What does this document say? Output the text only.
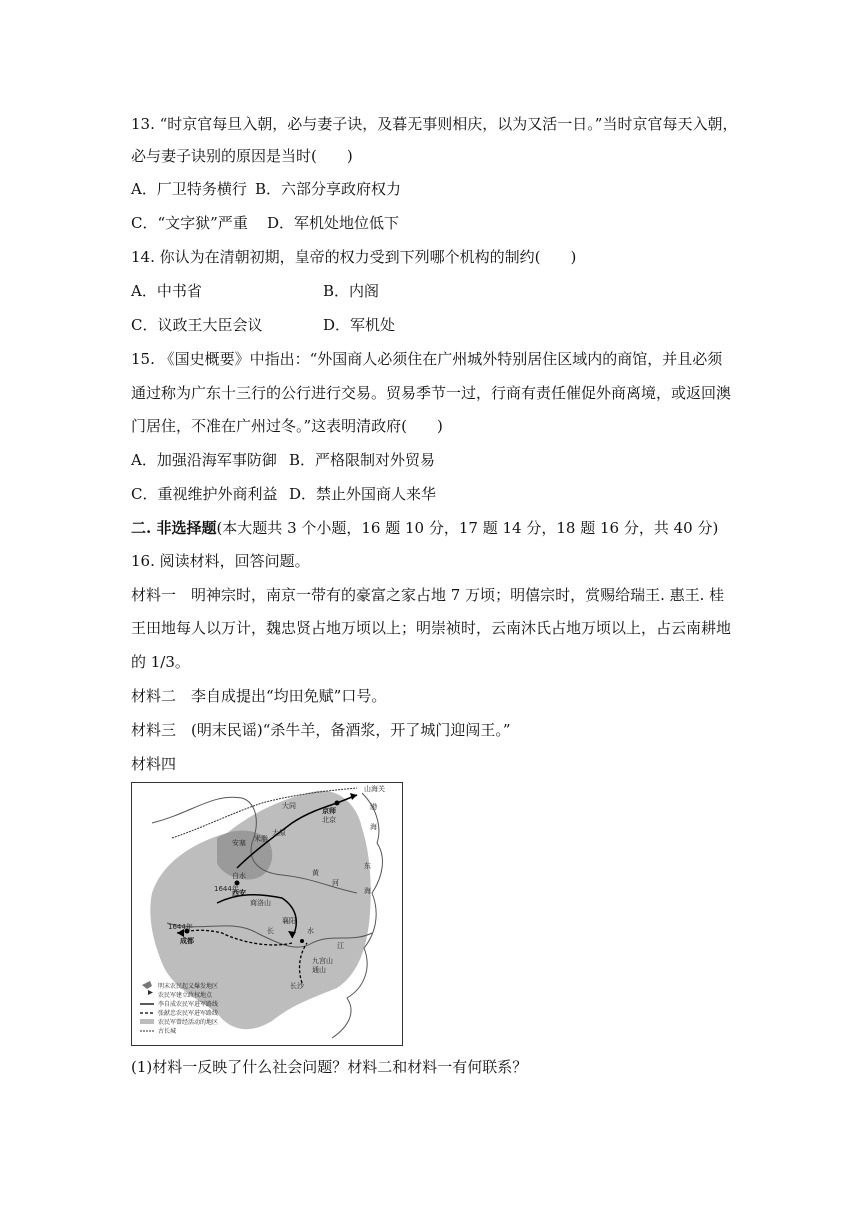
13. “时京官每旦入朝，必与妻子诀，及暮无事则相庆，以为又活一日。”当时京官每天入朝，
必与妻子诀别的原因是当时(　　)
A．厂卫特务横行 B．六部分享政府权力
C．“文字狱”严重 D．军机处地位低下
14. 你认为在清朝初期，皇帝的权力受到下列哪个机构的制约(　　)
A．中书省	B．内阁
C．议政王大臣会议	D．军机处
15. 《国史概要》中指出：“外国商人必须住在广州城外特别居住区域内的商馆，并且必须
通过称为广东十三行的公行进行交易。贸易季节一过，行商有责任催促外商离境，或返回澳
门居住，不准在广州过冬。”这表明清政府(　　)
A．加强沿海军事防御 B．严格限制对外贸易
C．重视维护外商利益 D．禁止外国商人来华
二. 非选择题(本大题共 3 个小题，16 题 10 分，17 题 14 分，18 题 16 分，共 40 分)
16. 阅读材料，回答问题。
材料一　明神宗时，南京一带有的豪富之家占地 7 万顷；明僖宗时，赏赐给瑞王. 惠王. 桂
王田地每人以万计，魏忠贤占地万顷以上；明崇祯时，云南沐氏占地万顷以上，占云南耕地
的 1/3。
材料二　李自成提出“均田免赋”口号。
材料三　(明末民谣)“杀牛羊，备酒浆，开了城门迎闯王。”
材料四
山海关
渤
海
京师
北京
大同
太原
安塞 米脂
白水
西安
商洛山
河
黄
东
海
襄阳
成都
江
九宫山
通山
长沙
1644年
1644年	水
长
明末农民起义爆发地区
农民军建立政权地点
李自成农民军进军路线
张献忠农民军进军路线
农民军曾经活动的地区
古长城
(1)材料一反映了什么社会问题？材料二和材料一有何联系？
